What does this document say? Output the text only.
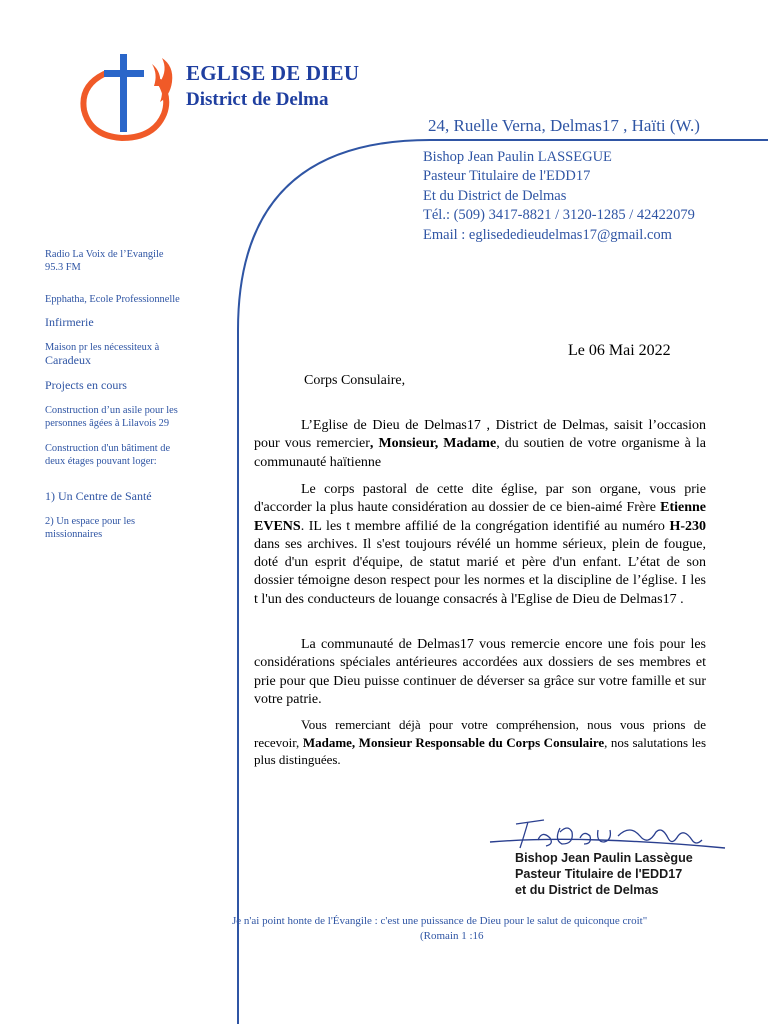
EGLISE DE DIEU
District de Delma
24, Ruelle Verna, Delmas17 , Haïti (W.)
Bishop Jean Paulin LASSEGUE
Pasteur Titulaire de l'EDD17
Et du District de Delmas
Tél.: (509) 3417-8821 / 3120-1285 / 42422079
Email : eglisededieudelmas17@gmail.com
Radio La Voix de l’Evangile
95.3 FM
Epphatha, Ecole Professionnelle
Infirmerie
Maison pr les nécessiteux à
Caradeux
Projects en cours
Construction d’un asile pour les
personnes âgées à Lilavois 29
Construction d'un bâtiment de
deux étages pouvant loger:
1) Un Centre de Santé
2) Un espace pour les
missionnaires
Le 06 Mai 2022
Corps Consulaire,

L’Eglise de Dieu de Delmas17 , District de Delmas, saisit l’occasion pour vous remercier, Monsieur, Madame, du soutien de votre organisme à la communauté haïtienne

Le corps pastoral de cette dite église, par son organe, vous prie d'accorder la plus haute considération au dossier de ce bien-aimé Frère Etienne EVENS. IL les t membre affilié de la congrégation identifié au numéro H-230 dans ses archives. Il s'est toujours révélé un homme sérieux, plein de fougue, doté d'un esprit d'équipe, de statut marié et père d'un enfant. L’état de son dossier témoigne deson respect pour les normes et la discipline de l’église. I les t l'un des conducteurs de louange consacrés à l'Eglise de Dieu de Delmas17 .

La communauté de Delmas17 vous remercie encore une fois pour les considérations spéciales antérieures accordées aux dossiers de ses membres et prie pour que Dieu puisse continuer de déverser sa grâce sur votre famille et sur votre patrie.

Vous remerciant déjà pour votre compréhension, nous vous prions de recevoir, Madame, Monsieur Responsable du Corps Consulaire, nos salutations les plus distinguées.

Bishop Jean Paulin Lassègue
Pasteur Titulaire de l'EDD17
et du District de Delmas
Je n'ai point honte de l'Évangile : c'est une puissance de Dieu pour le salut de quiconque croit"
(Romain 1 :16
